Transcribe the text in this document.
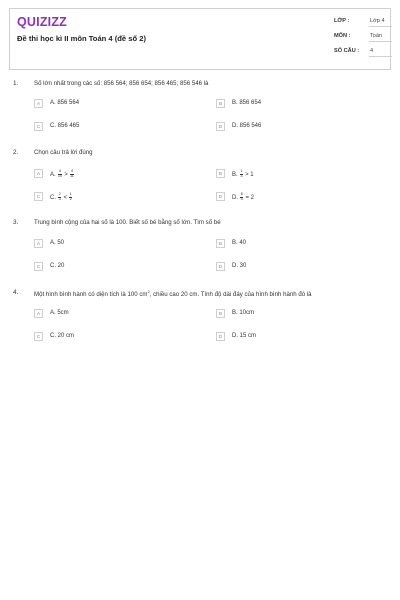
QUIZIZZ
Đề thi học kì II môn Toán 4 (đề số 2)
LỚP :	Lớp 4
MÔN :	Toán
SỐ CÂU :	4
1.	Số lớn nhất trong các số: 856 564; 856 654; 856 465; 856 546 là
A	A. 856 564	B	B. 856 654
C	C. 856 465	D	D. 856 546
2.	Chọn câu trả lời đúng
A	A. $\frac{4}{10} > \frac{4}{11}$	B	B. $\frac{1}{3} > 1$
C	C. $\frac{2}{3} < \frac{1}{2}$	D	D. $\frac{8}{4} = 2$
3.	Trung bình cộng của hai số là 100. Biết số bé bằng số lớn. Tìm số bé
A	A. 50	B	B. 40
C	C. 20	D	D. 30
4.	Một hình bình hành có diện tích là 100 $cm^2$, chiều cao 20 cm. Tính độ dài đáy của hình bình hành đó là
A	A. 5cm	B	B. 10cm
C	C. 20 cm	D	D. 15 cm
